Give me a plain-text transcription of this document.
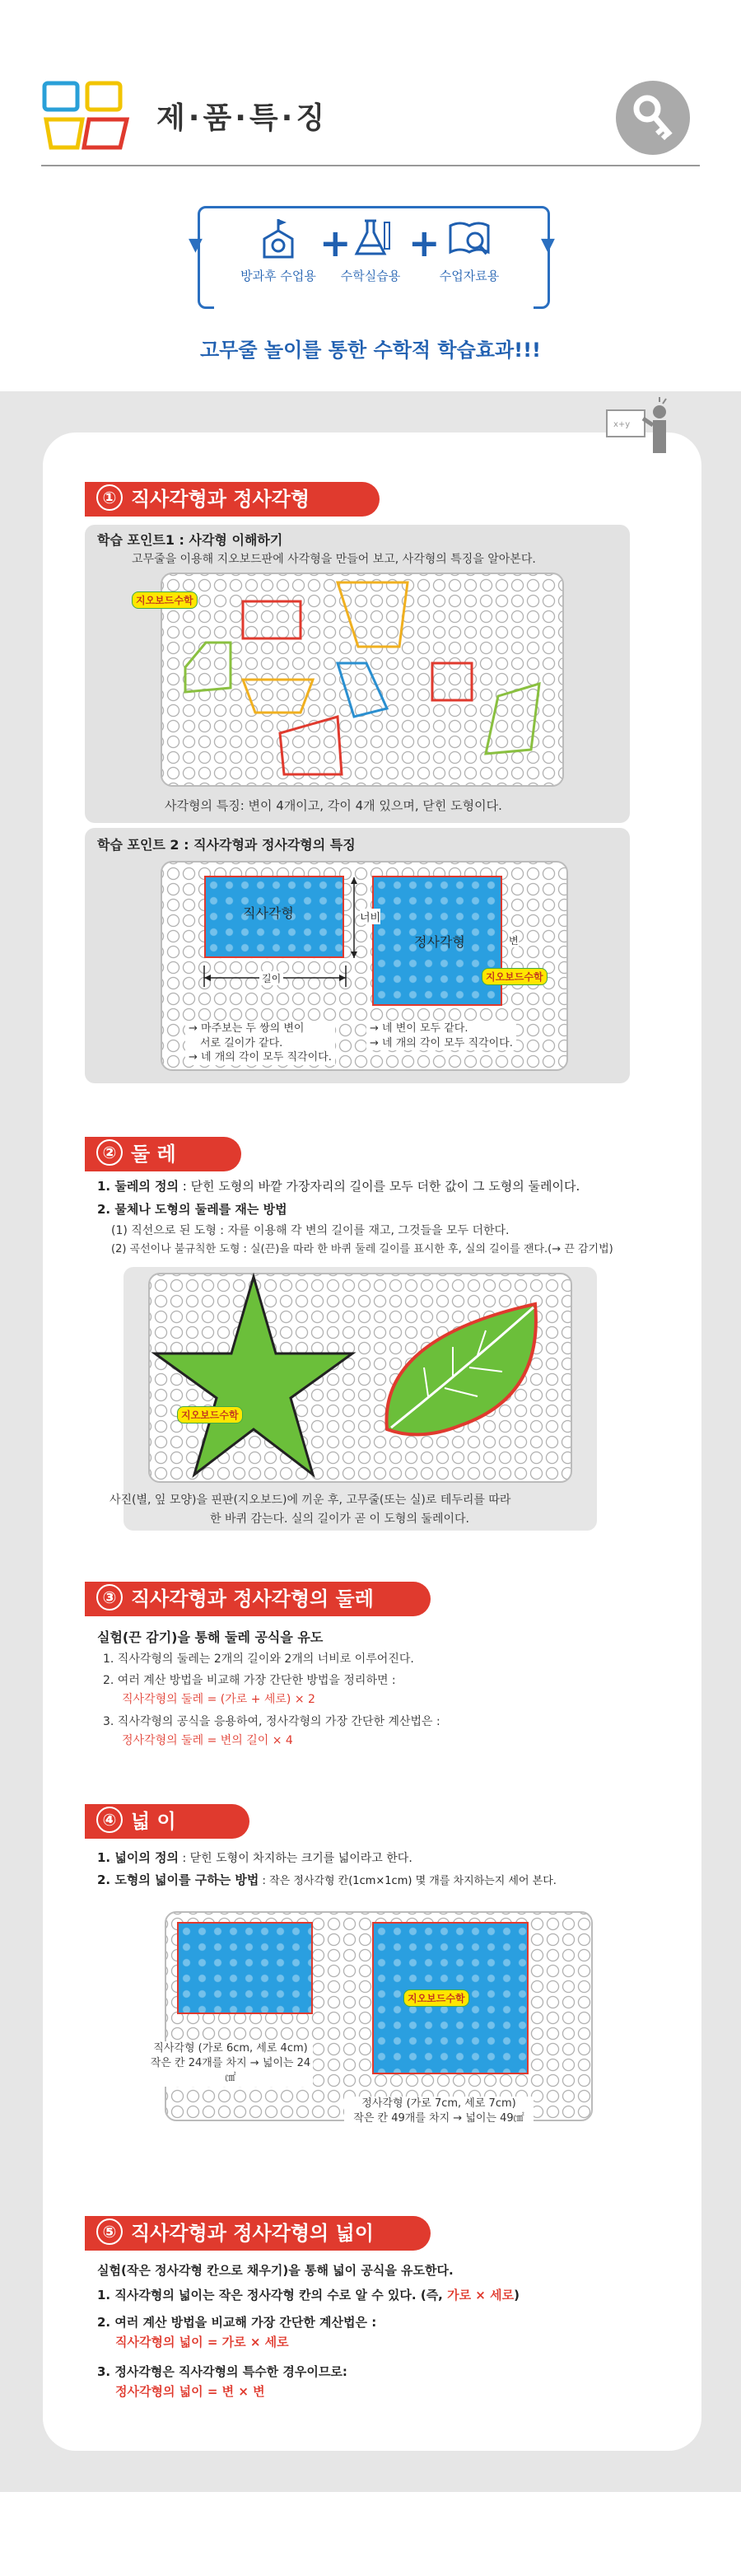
제·품·특·징
▼	▼
방과후 수업용
+
수학실습용
+
수업자료용
고무줄 놀이를 통한 수학적 학습효과!!!
x+y
① 직사각형과 정사각형
학습 포인트1 : 사각형 이해하기
고무줄을 이용해 지오보드판에 사각형을 만들어 보고, 사각형의 특징을 알아본다.
지오보드수학
사각형의 특징: 변이 4개이고, 각이 4개 있으며, 닫힌 도형이다.
학습 포인트 2 : 직사각형과 정사각형의 특징
직사각형
정사각형
길이
너비
변
지오보드수학
→ 마주보는 두 쌍의 변이
서로 길이가 같다.
→ 네 개의 각이 모두 직각이다.
→ 네 변이 모두 같다.
→ 네 개의 각이 모두 직각이다.
② 둘 레
1. 둘레의 정의 : 닫힌 도형의 바깥 가장자리의 길이를 모두 더한 값이 그 도형의 둘레이다.
2. 물체나 도형의 둘레를 재는 방법
(1) 직선으로 된 도형 : 자를 이용해 각 변의 길이를 재고, 그것들을 모두 더한다.
(2) 곡선이나 불규칙한 도형 : 실(끈)을 따라 한 바퀴 둘레 길이를 표시한 후, 실의 길이를 잰다.(→ 끈 감기법)
지오보드수학
사진(별, 잎 모양)을 핀판(지오보드)에 끼운 후, 고무줄(또는 실)로 테두리를 따라
한 바퀴 감는다. 실의 길이가 곧 이 도형의 둘레이다.
③ 직사각형과 정사각형의 둘레
실험(끈 감기)을 통해 둘레 공식을 유도
1. 직사각형의 둘레는 2개의 길이와 2개의 너비로 이루어진다.
2. 여러 계산 방법을 비교해 가장 간단한 방법을 정리하면 :
직사각형의 둘레 = (가로 + 세로) × 2
3. 직사각형의 공식을 응용하여, 정사각형의 가장 간단한 계산법은 :
정사각형의 둘레 = 변의 길이 × 4
④ 넓 이
1. 넓이의 정의 : 닫힌 도형이 차지하는 크기를 넓이라고 한다.
2. 도형의 넓이를 구하는 방법 : 작은 정사각형 칸(1cm×1cm) 몇 개를 차지하는지 세어 본다.
지오보드수학
직사각형 (가로 6cm, 세로 4cm)
작은 칸 24개를 차지 → 넓이는 24㎠
정사각형 (가로 7cm, 세로 7cm)
작은 칸 49개를 차지 → 넓이는 49㎠
⑤ 직사각형과 정사각형의 넓이
실험(작은 정사각형 칸으로 채우기)을 통해 넓이 공식을 유도한다.
1. 직사각형의 넓이는 작은 정사각형 칸의 수로 알 수 있다. (즉, 가로 × 세로)
2. 여러 계산 방법을 비교해 가장 간단한 계산법은 :
직사각형의 넓이 = 가로 × 세로
3. 정사각형은 직사각형의 특수한 경우이므로:
정사각형의 넓이 = 변 × 변
